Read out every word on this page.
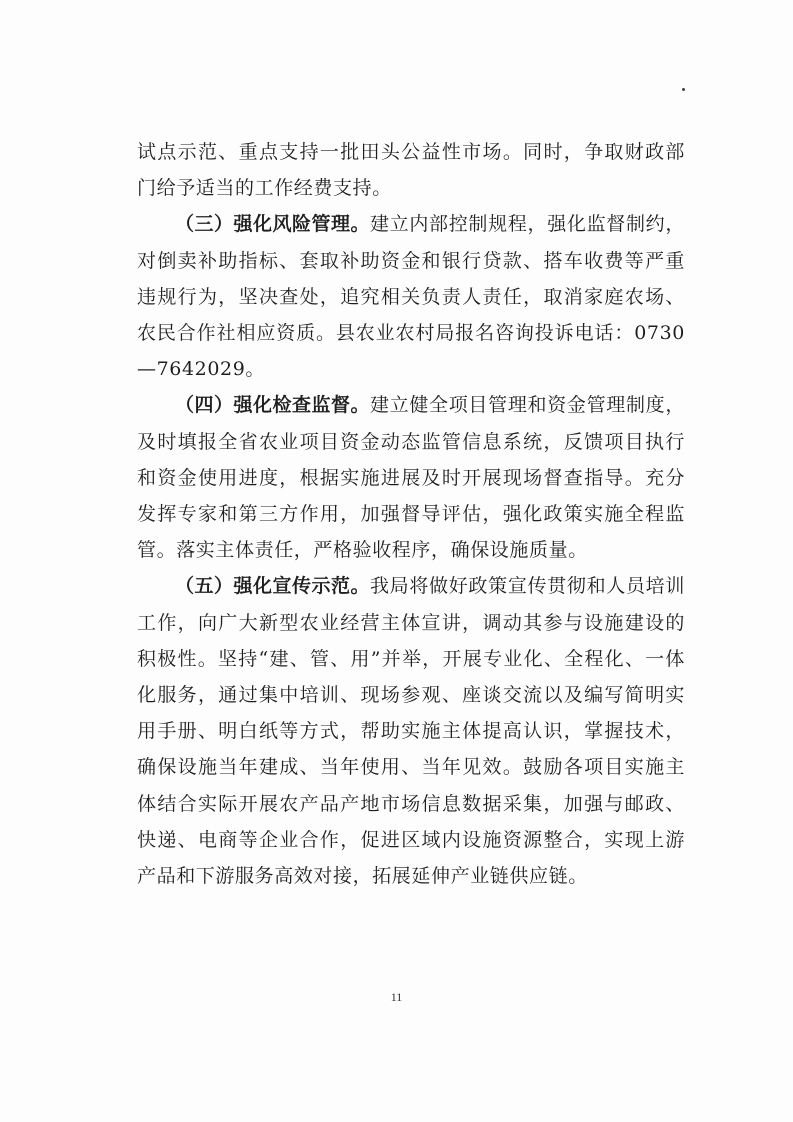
试点示范、重点支持一批田头公益性市场。同时，争取财政部门给予适当的工作经费支持。

（三）强化风险管理。建立内部控制规程，强化监督制约，对倒卖补助指标、套取补助资金和银行贷款、搭车收费等严重违规行为，坚决查处，追究相关负责人责任，取消家庭农场、农民合作社相应资质。县农业农村局报名咨询投诉电话：0730—7642029。

（四）强化检查监督。建立健全项目管理和资金管理制度，及时填报全省农业项目资金动态监管信息系统，反馈项目执行和资金使用进度，根据实施进展及时开展现场督查指导。充分发挥专家和第三方作用，加强督导评估，强化政策实施全程监管。落实主体责任，严格验收程序，确保设施质量。

（五）强化宣传示范。我局将做好政策宣传贯彻和人员培训工作，向广大新型农业经营主体宣讲，调动其参与设施建设的积极性。坚持“建、管、用”并举，开展专业化、全程化、一体化服务，通过集中培训、现场参观、座谈交流以及编写简明实用手册、明白纸等方式，帮助实施主体提高认识，掌握技术，确保设施当年建成、当年使用、当年见效。鼓励各项目实施主体结合实际开展农产品产地市场信息数据采集，加强与邮政、快递、电商等企业合作，促进区域内设施资源整合，实现上游产品和下游服务高效对接，拓展延伸产业链供应链。

11
